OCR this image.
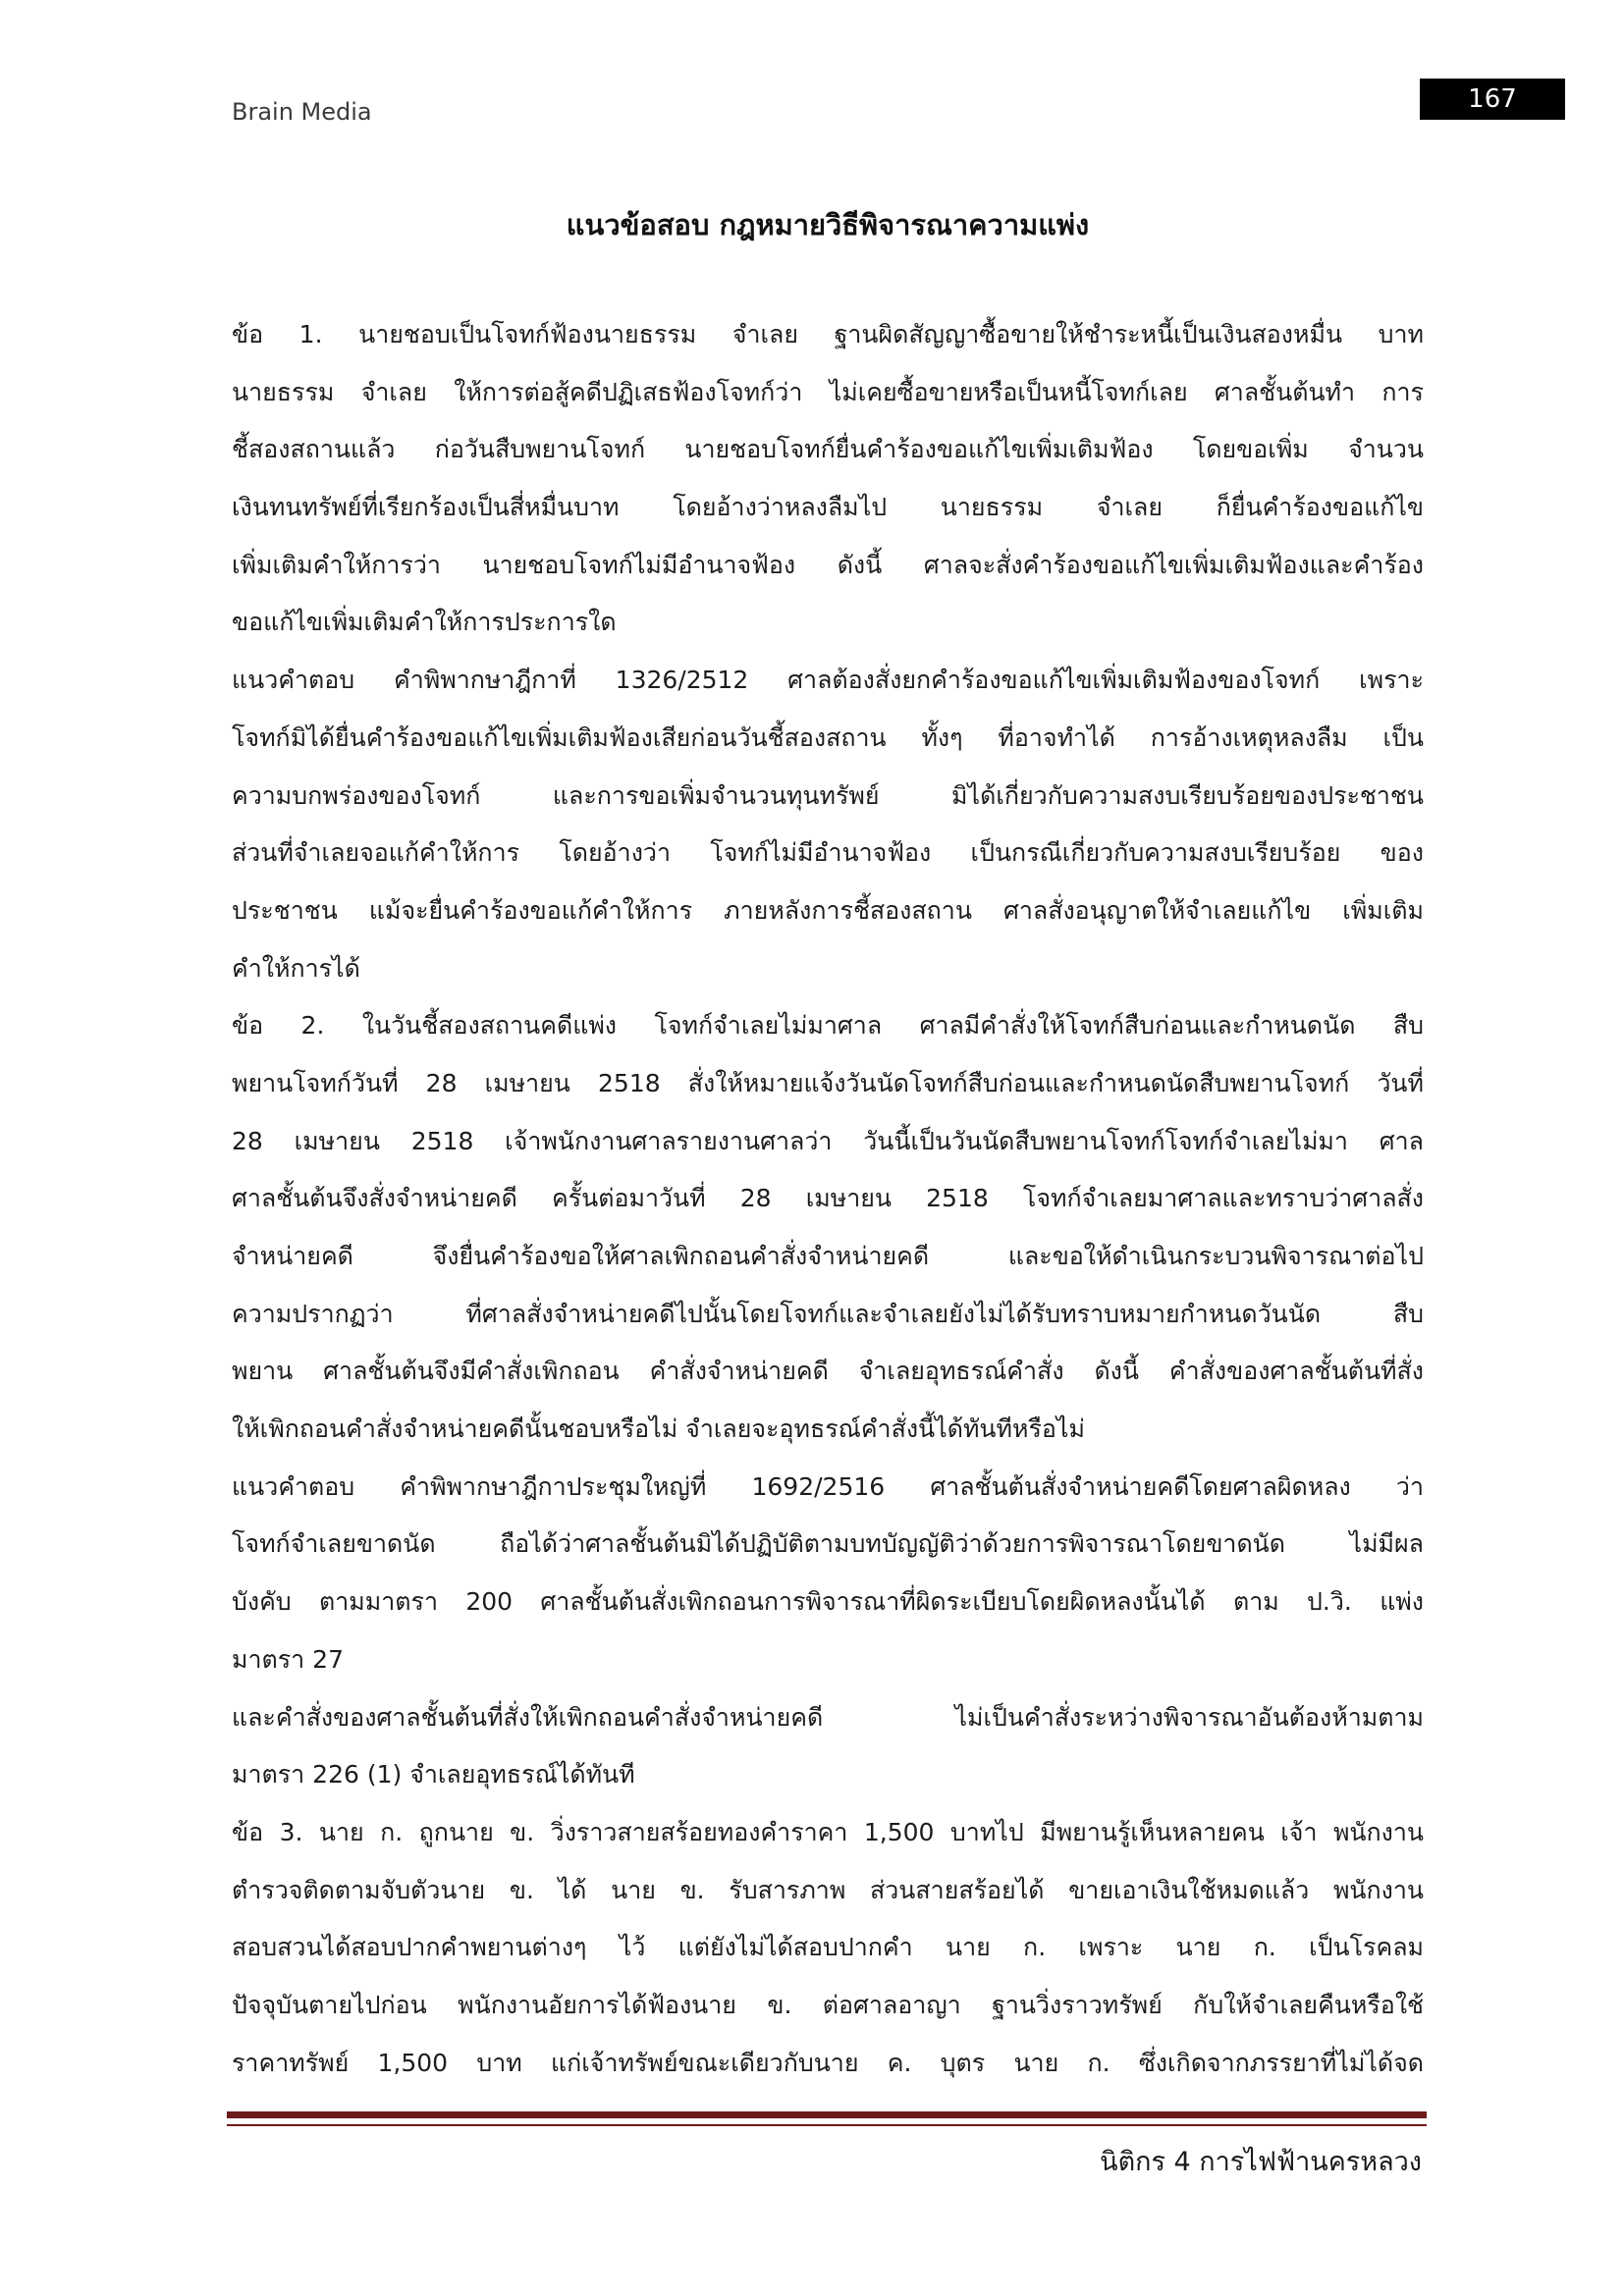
Brain Media	167
แนวข้อสอบ กฎหมายวิธีพิจารณาความแพ่ง
ข้อ 1. นายชอบเป็นโจทก์ฟ้องนายธรรม จำเลย ฐานผิดสัญญาซื้อขายให้ชำระหนี้เป็นเงินสองหมื่น บาท
นายธรรม จำเลย ให้การต่อสู้คดีปฏิเสธฟ้องโจทก์ว่า ไม่เคยซื้อขายหรือเป็นหนี้โจทก์เลย ศาลชั้นต้นทำ การ
ชี้สองสถานแล้ว ก่อวันสืบพยานโจทก์ นายชอบโจทก์ยื่นคำร้องขอแก้ไขเพิ่มเติมฟ้อง โดยขอเพิ่ม จำนวน
เงินทนทรัพย์ที่เรียกร้องเป็นสี่หมื่นบาท โดยอ้างว่าหลงลืมไป นายธรรม จำเลย ก็ยื่นคำร้องขอแก้ไข
เพิ่มเติมคำให้การว่า นายชอบโจทก์ไม่มีอำนาจฟ้อง ดังนี้ ศาลจะสั่งคำร้องขอแก้ไขเพิ่มเติมฟ้องและคำร้อง
ขอแก้ไขเพิ่มเติมคำให้การประการใด
แนวคำตอบ คำพิพากษาฎีกาที่ 1326/2512 ศาลต้องสั่งยกคำร้องขอแก้ไขเพิ่มเติมฟ้องของโจทก์ เพราะ
โจทก์มิได้ยื่นคำร้องขอแก้ไขเพิ่มเติมฟ้องเสียก่อนวันชี้สองสถาน ทั้งๆ ที่อาจทำได้ การอ้างเหตุหลงลืม เป็น
ความบกพร่องของโจทก์ และการขอเพิ่มจำนวนทุนทรัพย์ มิได้เกี่ยวกับความสงบเรียบร้อยของประชาชน
ส่วนที่จำเลยจอแก้คำให้การ โดยอ้างว่า โจทก์ไม่มีอำนาจฟ้อง เป็นกรณีเกี่ยวกับความสงบเรียบร้อย ของ
ประชาชน แม้จะยื่นคำร้องขอแก้คำให้การ ภายหลังการชี้สองสถาน ศาลสั่งอนุญาตให้จำเลยแก้ไข เพิ่มเติม
คำให้การได้
ข้อ 2. ในวันชี้สองสถานคดีแพ่ง โจทก์จำเลยไม่มาศาล ศาลมีคำสั่งให้โจทก์สืบก่อนและกำหนดนัด สืบ
พยานโจทก์วันที่ 28 เมษายน 2518 สั่งให้หมายแจ้งวันนัดโจทก์สืบก่อนและกำหนดนัดสืบพยานโจทก์ วันที่
28 เมษายน 2518 เจ้าพนักงานศาลรายงานศาลว่า วันนี้เป็นวันนัดสืบพยานโจทก์โจทก์จำเลยไม่มา ศาล
ศาลชั้นต้นจึงสั่งจำหน่ายคดี ครั้นต่อมาวันที่ 28 เมษายน 2518 โจทก์จำเลยมาศาลและทราบว่าศาลสั่ง
จำหน่ายคดี จึงยื่นคำร้องขอให้ศาลเพิกถอนคำสั่งจำหน่ายคดี และขอให้ดำเนินกระบวนพิจารณาต่อไป
ความปรากฏว่า ที่ศาลสั่งจำหน่ายคดีไปนั้นโดยโจทก์และจำเลยยังไม่ได้รับทราบหมายกำหนดวันนัด สืบ
พยาน ศาลชั้นต้นจึงมีคำสั่งเพิกถอน คำสั่งจำหน่ายคดี จำเลยอุทธรณ์คำสั่ง ดังนี้ คำสั่งของศาลชั้นต้นที่สั่ง
ให้เพิกถอนคำสั่งจำหน่ายคดีนั้นชอบหรือไม่ จำเลยจะอุทธรณ์คำสั่งนี้ได้ทันทีหรือไม่
แนวคำตอบ คำพิพากษาฎีกาประชุมใหญ่ที่ 1692/2516 ศาลชั้นต้นสั่งจำหน่ายคดีโดยศาลผิดหลง ว่า
โจทก์จำเลยขาดนัด ถือได้ว่าศาลชั้นต้นมิได้ปฏิบัติตามบทบัญญัติว่าด้วยการพิจารณาโดยขาดนัด ไม่มีผล
บังคับ ตามมาตรา 200 ศาลชั้นต้นสั่งเพิกถอนการพิจารณาที่ผิดระเบียบโดยผิดหลงนั้นได้ ตาม ป.วิ. แพ่ง
มาตรา 27
และคำสั่งของศาลชั้นต้นที่สั่งให้เพิกถอนคำสั่งจำหน่ายคดี ไม่เป็นคำสั่งระหว่างพิจารณาอันต้องห้ามตาม
มาตรา 226 (1) จำเลยอุทธรณ์ได้ทันที
ข้อ 3. นาย ก. ถูกนาย ข. วิ่งราวสายสร้อยทองคำราคา 1,500 บาทไป มีพยานรู้เห็นหลายคน เจ้า พนักงาน
ตำรวจติดตามจับตัวนาย ข. ได้ นาย ข. รับสารภาพ ส่วนสายสร้อยได้ ขายเอาเงินใช้หมดแล้ว พนักงาน
สอบสวนได้สอบปากคำพยานต่างๆ ไว้ แต่ยังไม่ได้สอบปากคำ นาย ก. เพราะ นาย ก. เป็นโรคลม
ปัจจุบันตายไปก่อน พนักงานอัยการได้ฟ้องนาย ข. ต่อศาลอาญา ฐานวิ่งราวทรัพย์ กับให้จำเลยคืนหรือใช้
ราคาทรัพย์ 1,500 บาท แก่เจ้าทรัพย์ขณะเดียวกับนาย ค. บุตร นาย ก. ซึ่งเกิดจากภรรยาที่ไม่ได้จด
นิติกร 4 การไฟฟ้านครหลวง
